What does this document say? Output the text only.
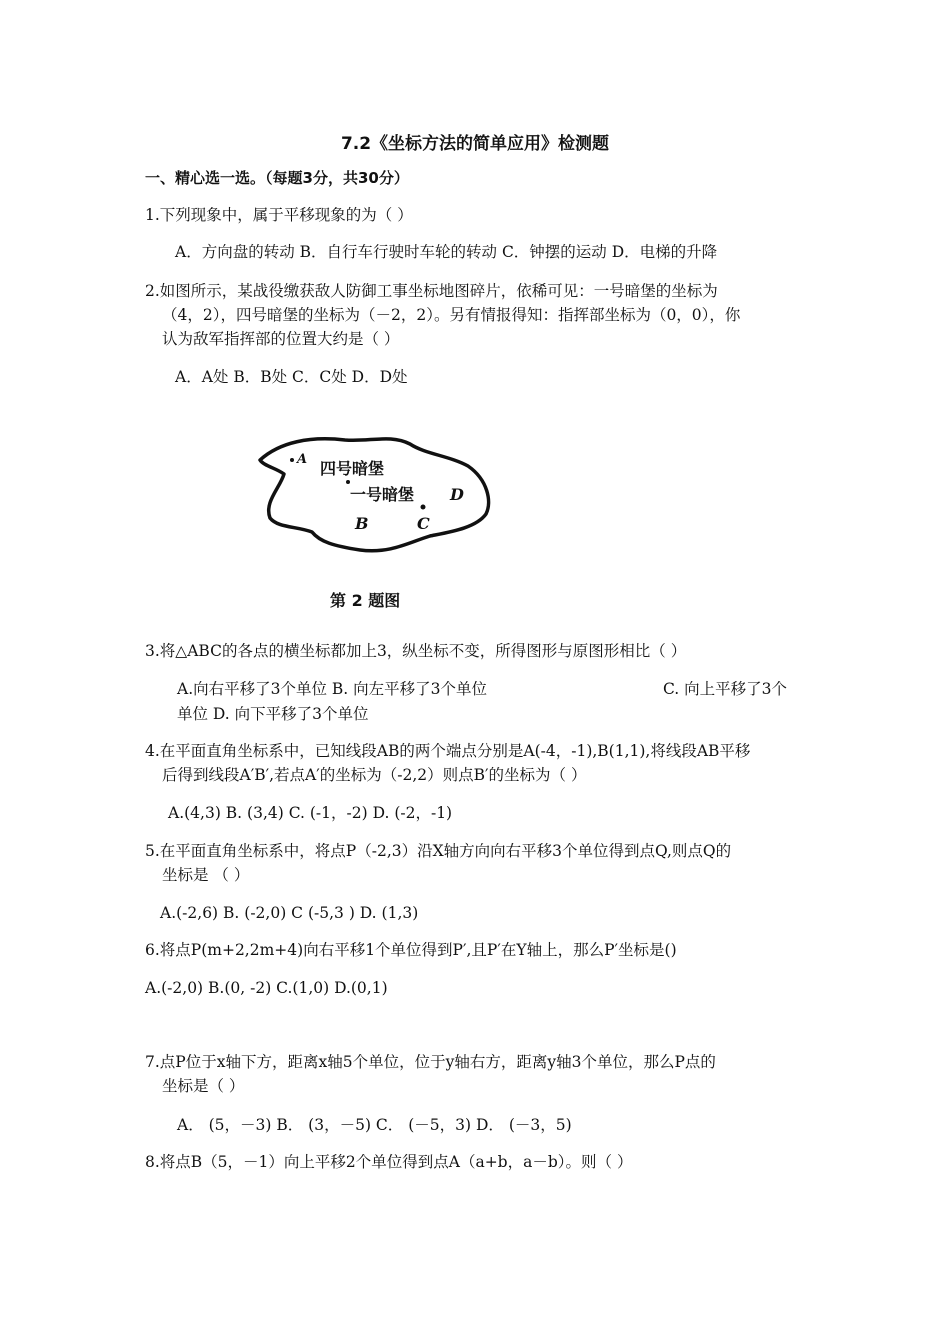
7.2《坐标方法的简单应用》检测题
一、精心选一选。（每题3分，共30分）
1.下列现象中，属于平移现象的为（ ）
A．方向盘的转动 B．自行车行驶时车轮的转动 C．钟摆的运动 D．电梯的升降
2.如图所示，某战役缴获敌人防御工事坐标地图碎片，依稀可见：一号暗堡的坐标为
（4，2），四号暗堡的坐标为（－2，2）。另有情报得知：指挥部坐标为（0，0），你
认为敌军指挥部的位置大约是（ ）
A．A处 B．B处 C．C处 D．D处
A 四号暗堡
一号暗堡 D
B	C
第 2 题图
3.将△ABC的各点的横坐标都加上3，纵坐标不变，所得图形与原图形相比（ ）
A.向右平移了3个单位 B. 向左平移了3个单位	C. 向上平移了3个
单位 D. 向下平移了3个单位
4.在平面直角坐标系中，已知线段AB的两个端点分别是A(-4，-1),B(1,1),将线段AB平移
后得到线段A′B′,若点A′的坐标为（-2,2）则点B′的坐标为（ ）
A.(4,3) B. (3,4) C. (-1，-2) D. (-2，-1)
5.在平面直角坐标系中，将点P（-2,3）沿X轴方向向右平移3个单位得到点Q,则点Q的
坐标是 （ ）
A.(-2,6) B. (-2,0) C (-5,3 ) D. (1,3)
6.将点P(m+2,2m+4)向右平移1个单位得到P′,且P′在Y轴上，那么P′坐标是()
A.(-2,0) B.(0, -2) C.(1,0) D.(0,1)
7.点P位于x轴下方，距离x轴5个单位，位于y轴右方，距离y轴3个单位，那么P点的
坐标是（ ）
A． (5，－3) B． (3，－5) C． (－5，3) D． (－3，5)
8.将点B（5，－1）向上平移2个单位得到点A（a+b，a－b）。则（ ）
